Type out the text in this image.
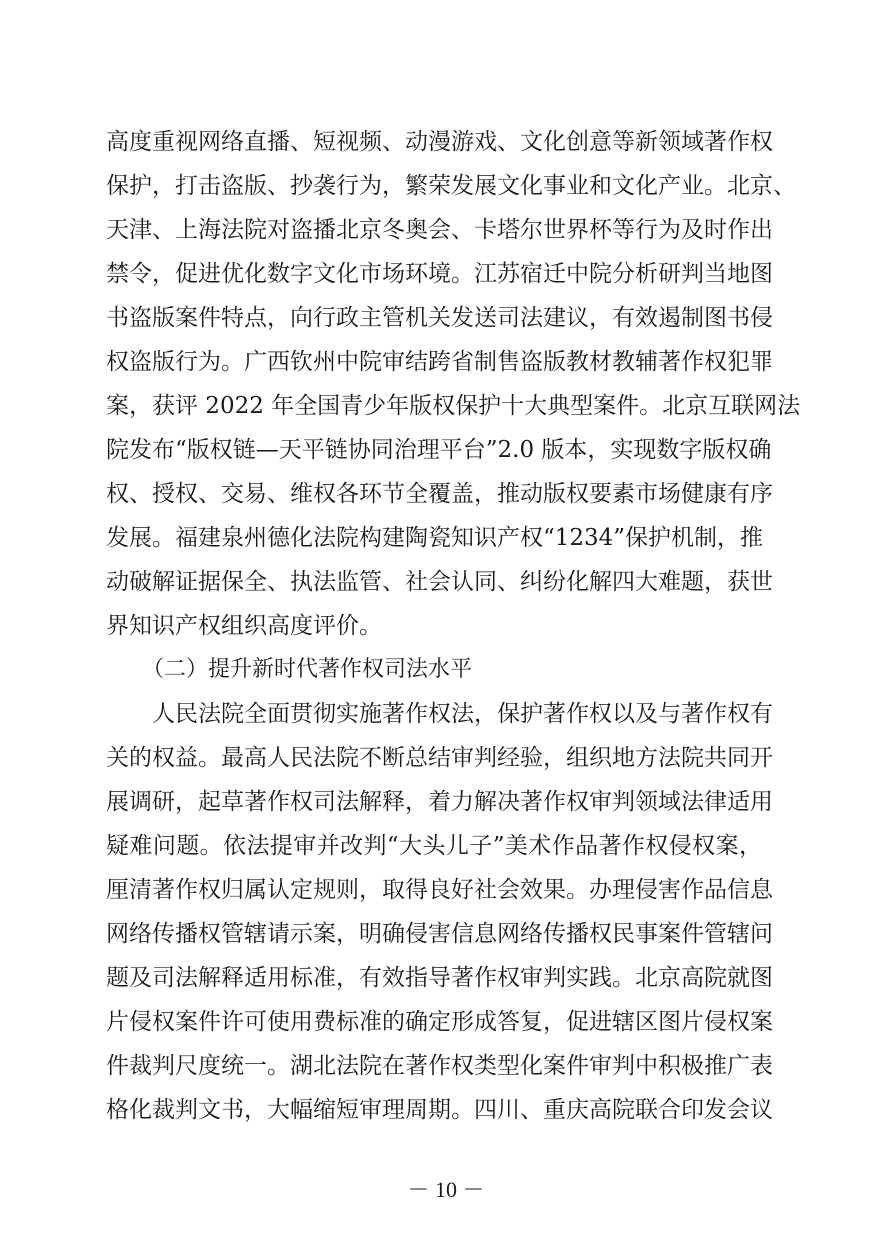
高度重视网络直播、短视频、动漫游戏、文化创意等新领域著作权
保护，打击盗版、抄袭行为，繁荣发展文化事业和文化产业。北京、
天津、上海法院对盗播北京冬奥会、卡塔尔世界杯等行为及时作出
禁令，促进优化数字文化市场环境。江苏宿迁中院分析研判当地图
书盗版案件特点，向行政主管机关发送司法建议，有效遏制图书侵
权盗版行为。广西钦州中院审结跨省制售盗版教材教辅著作权犯罪
案，获评 2022 年全国青少年版权保护十大典型案件。北京互联网法
院发布“版权链—天平链协同治理平台”2.0 版本，实现数字版权确
权、授权、交易、维权各环节全覆盖，推动版权要素市场健康有序
发展。福建泉州德化法院构建陶瓷知识产权“1234”保护机制，推
动破解证据保全、执法监管、社会认同、纠纷化解四大难题，获世
界知识产权组织高度评价。
（二）提升新时代著作权司法水平
人民法院全面贯彻实施著作权法，保护著作权以及与著作权有
关的权益。最高人民法院不断总结审判经验，组织地方法院共同开
展调研，起草著作权司法解释，着力解决著作权审判领域法律适用
疑难问题。依法提审并改判“大头儿子”美术作品著作权侵权案，
厘清著作权归属认定规则，取得良好社会效果。办理侵害作品信息
网络传播权管辖请示案，明确侵害信息网络传播权民事案件管辖问
题及司法解释适用标准，有效指导著作权审判实践。北京高院就图
片侵权案件许可使用费标准的确定形成答复，促进辖区图片侵权案
件裁判尺度统一。湖北法院在著作权类型化案件审判中积极推广表
格化裁判文书，大幅缩短审理周期。四川、重庆高院联合印发会议
－ 10 －
